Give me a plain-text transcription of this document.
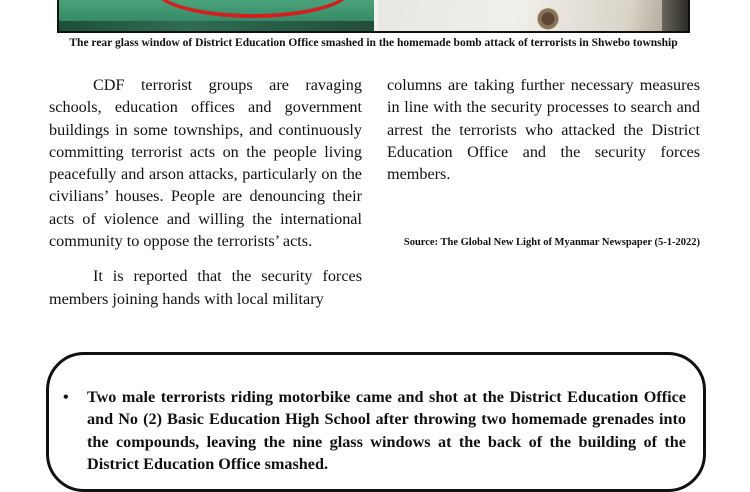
The rear glass window of District Education Office smashed in the homemade bomb attack of terrorists in Shwebo township

CDF terrorist groups are ravaging schools, education offices and government buildings in some townships, and continuously committing terrorist acts on the people living peacefully and arson attacks, particularly on the civilians’ houses. People are denouncing their acts of violence and willing the international community to oppose the terrorists’ acts.

It is reported that the security forces members joining hands with local military

columns are taking further necessary measures in line with the security processes to search and arrest the terrorists who attacked the District Education Office and the security forces members.

Source: The Global New Light of Myanmar Newspaper (5-1-2022)
• Two male terrorists riding motorbike came and shot at the District Education Office and No (2) Basic Education High School after throwing two homemade grenades into the compounds, leaving the nine glass windows at the back of the building of the District Education Office smashed.
